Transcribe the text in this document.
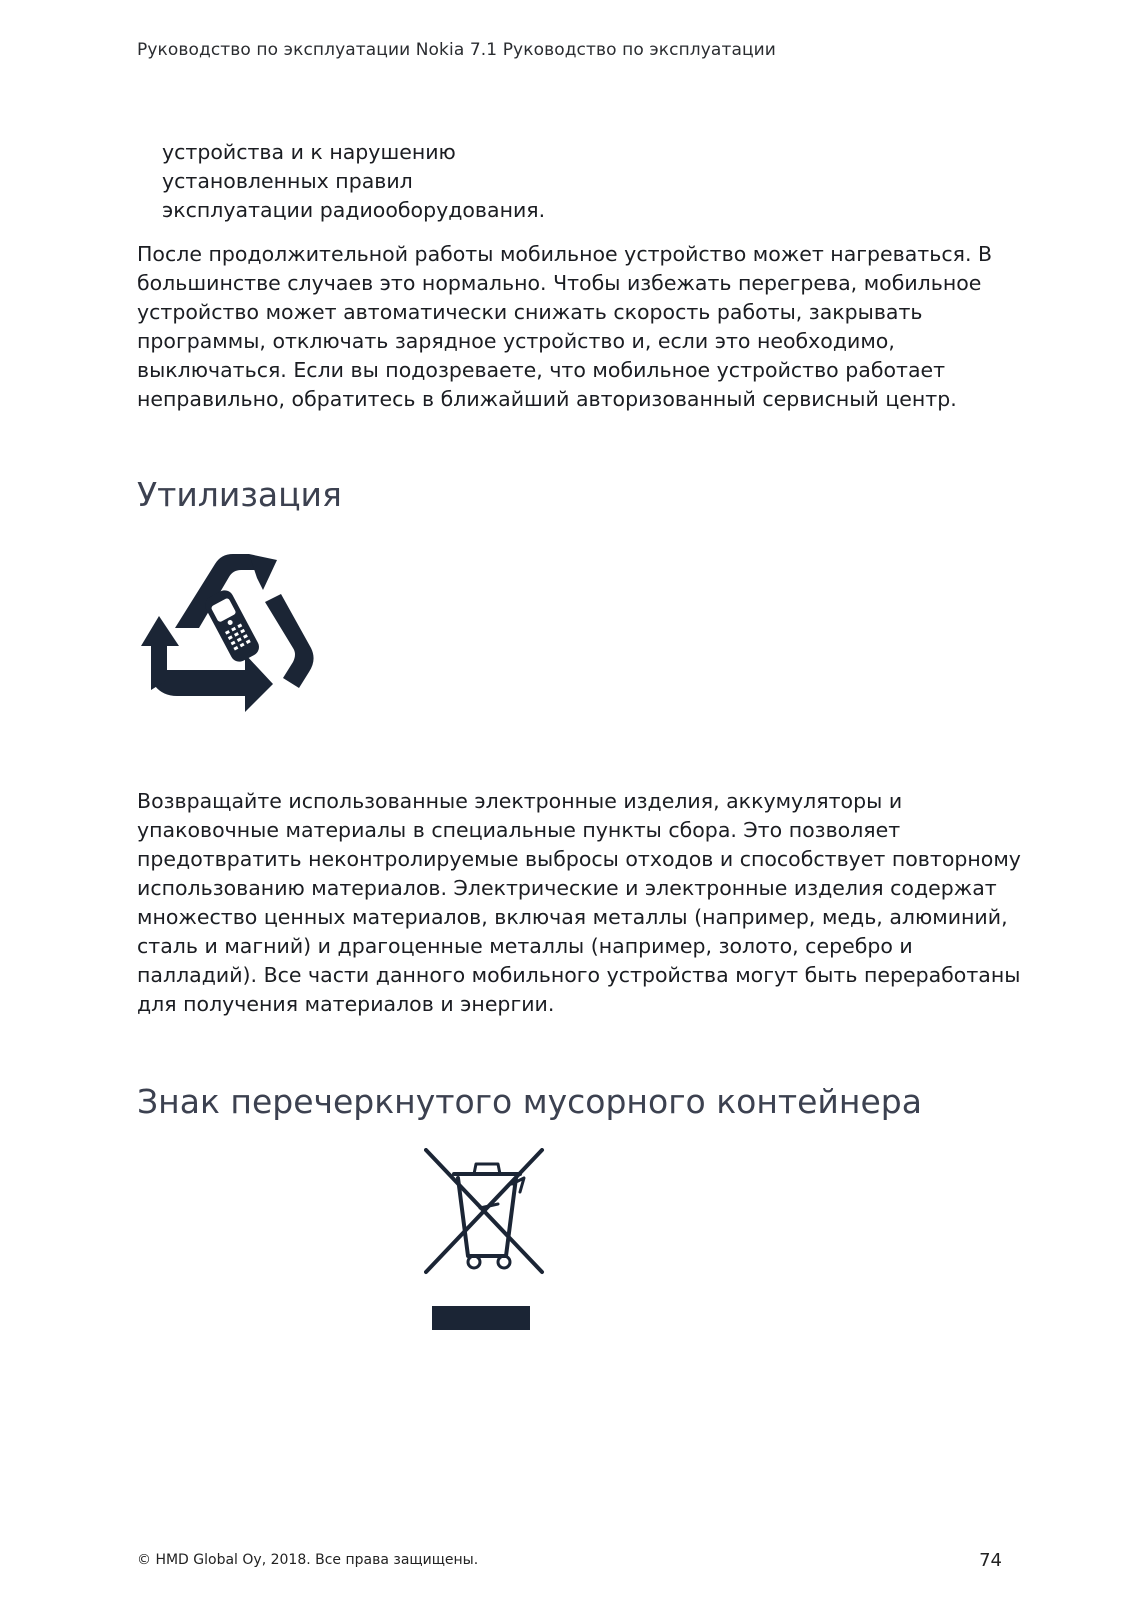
Руководство по эксплуатации Nokia 7.1 Руководство по эксплуатации
устройства и к нарушению
установленных правил
эксплуатации радиооборудования.
После продолжительной работы мобильное устройство может нагреваться. В
большинстве случаев это нормально. Чтобы избежать перегрева, мобильное
устройство может автоматически снижать скорость работы, закрывать
программы, отключать зарядное устройство и, если это необходимо,
выключаться. Если вы подозреваете, что мобильное устройство работает
неправильно, обратитесь в ближайший авторизованный сервисный центр.
Утилизация
Возвращайте использованные электронные изделия, аккумуляторы и
упаковочные материалы в специальные пункты сбора. Это позволяет
предотвратить неконтролируемые выбросы отходов и способствует повторному
использованию материалов. Электрические и электронные изделия содержат
множество ценных материалов, включая металлы (например, медь, алюминий,
сталь и магний) и драгоценные металлы (например, золото, серебро и
палладий). Все части данного мобильного устройства могут быть переработаны
для получения материалов и энергии.
Знак перечеркнутого мусорного контейнера
© HMD Global Oy, 2018. Все права защищены.	74
